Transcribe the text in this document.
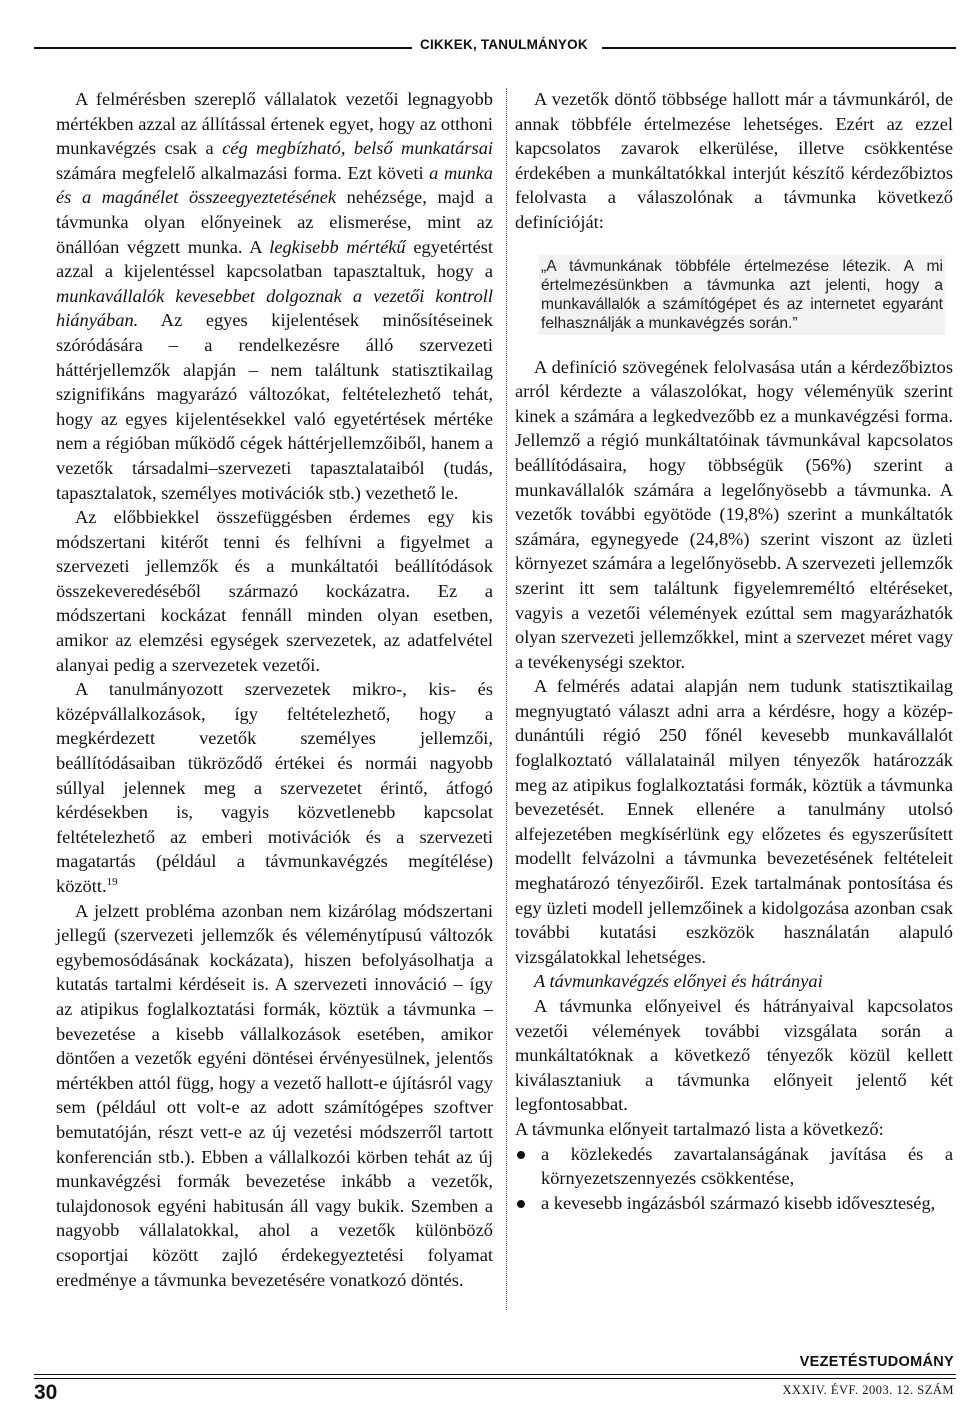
CIKKEK, TANULMÁNYOK

A felmérésben szereplő vállalatok vezetői legnagyobb mértékben azzal az állítással értenek egyet, hogy az otthoni munkavégzés csak a cég megbízható, belső munkatársai számára megfelelő alkalmazási forma. Ezt követi a munka és a magánélet összeegyeztetésének nehézsége, majd a távmunka olyan előnyeinek az elismerése, mint az önállóan végzett munka. A legkisebb mértékű egyetértést azzal a kijelentéssel kapcsolatban tapasztaltuk, hogy a munkavállalók kevesebbet dolgoznak a vezetői kontroll hiányában. Az egyes kijelentések minősítéseinek szóródására – a rendelkezésre álló szervezeti háttérjellemzők alapján – nem találtunk statisztikailag szignifikáns magyarázó változókat, feltételezhető tehát, hogy az egyes kijelentésekkel való egyetértések mértéke nem a régióban működő cégek háttérjellemzőiből, hanem a vezetők társadalmi–szervezeti tapasztalataiból (tudás, tapasztalatok, személyes motivációk stb.) vezethető le.

Az előbbiekkel összefüggésben érdemes egy kis módszertani kitérőt tenni és felhívni a figyelmet a szervezeti jellemzők és a munkáltatói beállítódások összekeveredéséből származó kockázatra. Ez a módszertani kockázat fennáll minden olyan esetben, amikor az elemzési egységek szervezetek, az adatfelvétel alanyai pedig a szervezetek vezetői.

A tanulmányozott szervezetek mikro-, kis- és középvállalkozások, így feltételezhető, hogy a megkérdezett vezetők személyes jellemzői, beállítódásaiban tükröződő értékei és normái nagyobb súllyal jelennek meg a szervezetet érintő, átfogó kérdésekben is, vagyis közvetlenebb kapcsolat feltételezhető az emberi motivációk és a szervezeti magatartás (például a távmunkavégzés megítélése) között.$^{19}$

A jelzett probléma azonban nem kizárólag módszertani jellegű (szervezeti jellemzők és véleménytípusú változók egybemosódásának kockázata), hiszen befolyásolhatja a kutatás tartalmi kérdéseit is. A szervezeti innováció – így az atipikus foglalkoztatási formák, köztük a távmunka – bevezetése a kisebb vállalkozások esetében, amikor döntően a vezetők egyéni döntései érvényesülnek, jelentős mértékben attól függ, hogy a vezető hallott-e újításról vagy sem (például ott volt-e az adott számítógépes szoftver bemutatóján, részt vett-e az új vezetési módszerről tartott konferencián stb.). Ebben a vállalkozói körben tehát az új munkavégzési formák bevezetése inkább a vezetők, tulajdonosok egyéni habitusán áll vagy bukik. Szemben a nagyobb vállalatokkal, ahol a vezetők különböző csoportjai között zajló érdekegyeztetési folyamat eredménye a távmunka bevezetésére vonatkozó döntés.

A vezetők döntő többsége hallott már a távmunkáról, de annak többféle értelmezése lehetséges. Ezért az ezzel kapcsolatos zavarok elkerülése, illetve csökkentése érdekében a munkáltatókkal interjút készítő kérdezőbiztos felolvasta a válaszolónak a távmunka következő definícióját:

„A távmunkának többféle értelmezése létezik. A mi értelmezésünkben a távmunka azt jelenti, hogy a munkavállalók a számítógépet és az internetet egyaránt felhasználják a munkavégzés során.”

A definíció szövegének felolvasása után a kérdezőbiztos arról kérdezte a válaszolókat, hogy véleményük szerint kinek a számára a legkedvezőbb ez a munkavégzési forma. Jellemző a régió munkáltatóinak távmunkával kapcsolatos beállítódásaira, hogy többségük (56%) szerint a munkavállalók számára a legelőnyösebb a távmunka. A vezetők további egyötöde (19,8%) szerint a munkáltatók számára, egynegyede (24,8%) szerint viszont az üzleti környezet számára a legelőnyösebb. A szervezeti jellemzők szerint itt sem találtunk figyelemreméltó eltéréseket, vagyis a vezetői vélemények ezúttal sem magyarázhatók olyan szervezeti jellemzőkkel, mint a szervezet méret vagy a tevékenységi szektor.

A felmérés adatai alapján nem tudunk statisztikailag megnyugtató választ adni arra a kérdésre, hogy a közép-dunántúli régió 250 főnél kevesebb munkavállalót foglalkoztató vállalatainál milyen tényezők határozzák meg az atipikus foglalkoztatási formák, köztük a távmunka bevezetését. Ennek ellenére a tanulmány utolsó alfejezetében megkísérlünk egy előzetes és egyszerűsített modellt felvázolni a távmunka bevezetésének feltételeit meghatározó tényezőiről. Ezek tartalmának pontosítása és egy üzleti modell jellemzőinek a kidolgozása azonban csak további kutatási eszközök használatán alapuló vizsgálatokkal lehetséges.

A távmunkavégzés előnyei és hátrányai

A távmunka előnyeivel és hátrányaival kapcsolatos vezetői vélemények további vizsgálata során a munkáltatóknak a következő tényezők közül kellett kiválasztaniuk a távmunka előnyeit jelentő két legfontosabbat.

A távmunka előnyeit tartalmazó lista a következő:

a közlekedés zavartalanságának javítása és a környezetszennyezés csökkentése,
a kevesebb ingázásból származó kisebb időveszteség,
VEZETÉSTUDOMÁNY
30	XXXIV. ÉVF. 2003. 12. SZÁM
